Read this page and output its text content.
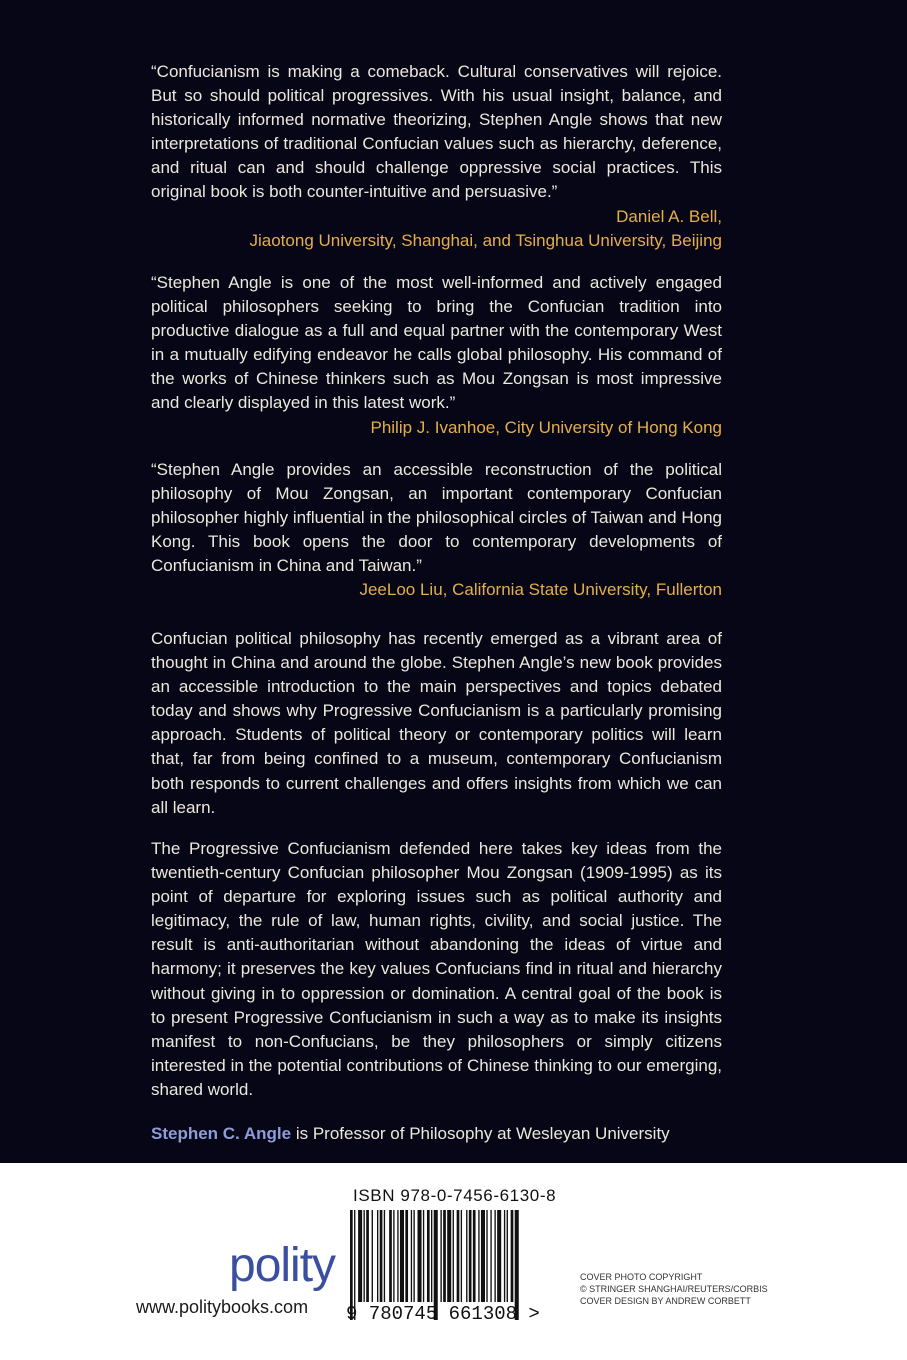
“Confucianism is making a comeback. Cultural conservatives will rejoice. But so should political progressives. With his usual insight, balance, and historically informed normative theorizing, Stephen Angle shows that new interpretations of traditional Confucian values such as hierarchy, deference, and ritual can and should challenge oppressive social practices. This original book is both counter-intuitive and persuasive.”
Daniel A. Bell,
Jiaotong University, Shanghai, and Tsinghua University, Beijing
“Stephen Angle is one of the most well-informed and actively engaged political philosophers seeking to bring the Confucian tradition into productive dialogue as a full and equal partner with the contemporary West in a mutually edifying endeavor he calls global philosophy. His command of the works of Chinese thinkers such as Mou Zongsan is most impressive and clearly displayed in this latest work.”
Philip J. Ivanhoe, City University of Hong Kong
“Stephen Angle provides an accessible reconstruction of the political philosophy of Mou Zongsan, an important contemporary Confucian philosopher highly influential in the philosophical circles of Taiwan and Hong Kong. This book opens the door to contemporary developments of Confucianism in China and Taiwan.”
JeeLoo Liu, California State University, Fullerton
Confucian political philosophy has recently emerged as a vibrant area of thought in China and around the globe. Stephen Angle’s new book provides an accessible introduction to the main perspectives and topics debated today and shows why Progressive Confucianism is a particularly promising approach. Students of political theory or contemporary politics will learn that, far from being confined to a museum, contemporary Confucianism both responds to current challenges and offers insights from which we can all learn.
The Progressive Confucianism defended here takes key ideas from the twentieth-century Confucian philosopher Mou Zongsan (1909-1995) as its point of departure for exploring issues such as political authority and legitimacy, the rule of law, human rights, civility, and social justice. The result is anti-authoritarian without abandoning the ideas of virtue and harmony; it preserves the key values Confucians find in ritual and hierarchy without giving in to oppression or domination. A central goal of the book is to present Progressive Confucianism in such a way as to make its insights manifest to non-Confucians, be they philosophers or simply citizens interested in the potential contributions of Chinese thinking to our emerging, shared world.
Stephen C. Angle is Professor of Philosophy at Wesleyan University
polity
www.politybooks.com
ISBN 978-0-7456-6130-8
9 780745 661308 >
COVER PHOTO COPYRIGHT
© STRINGER SHANGHAI/REUTERS/CORBIS
COVER DESIGN BY ANDREW CORBETT
